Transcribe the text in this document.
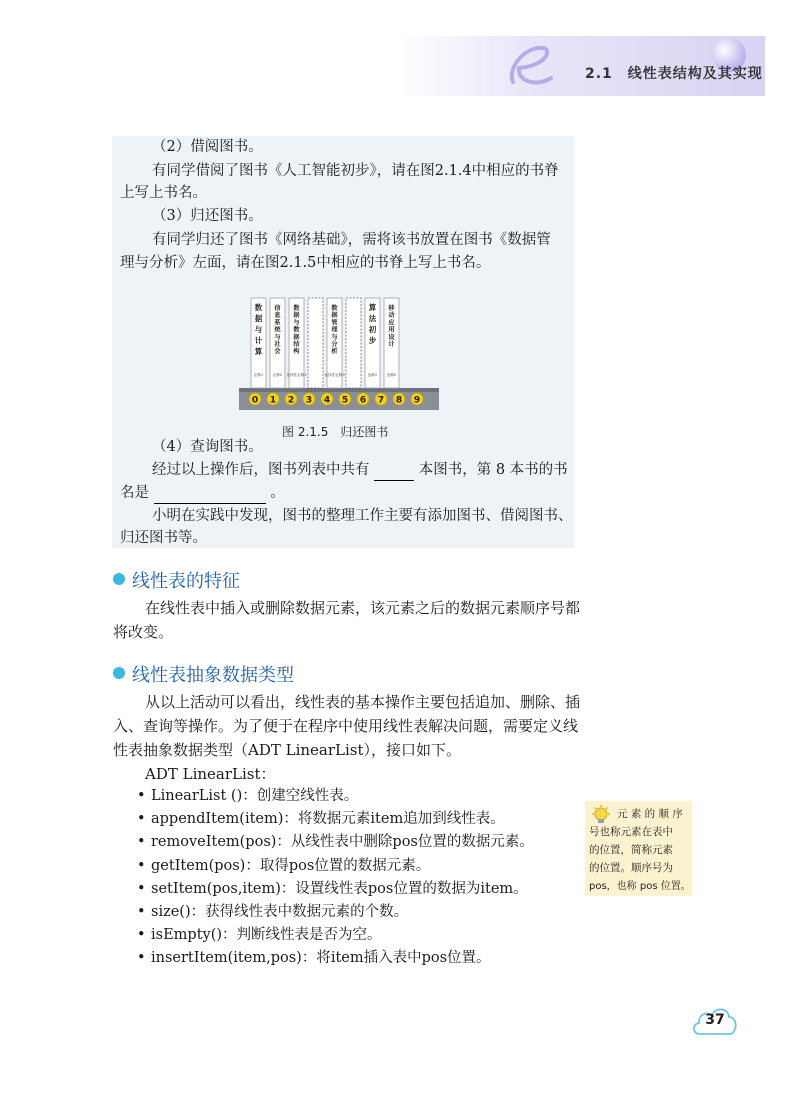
2.1　线性表结构及其实现
（2）借阅图书。
有同学借阅了图书《人工智能初步》，请在图2.1.4中相应的书脊
上写上书名。
（3）归还图书。
有同学归还了图书《网络基础》，需将该书放置在图书《数据管
理与分析》左面，请在图2.1.5中相应的书脊上写上书名。
数
据
与
计
算
必修1
信
息
系
统
与
社
会
必修2
数
据
与
数
据
结
构
选择性必修1
数
据
管
理
与
分
析
选择性必修3
算
法
初
步
选修1
移
动
应
用
设
计
选修2
0 1 2 3 4 5 6 7 8 9
图 2.1.5　归还图书
（4）查询图书。
经过以上操作后，图书列表中共有	本图书，第 8 本书的书
名是	。
小明在实践中发现，图书的整理工作主要有添加图书、借阅图书、
归还图书等。
线性表的特征
在线性表中插入或删除数据元素，该元素之后的数据元素顺序号都
将改变。
线性表抽象数据类型
从以上活动可以看出，线性表的基本操作主要包括追加、删除、插
入、查询等操作。为了便于在程序中使用线性表解决问题，需要定义线
性表抽象数据类型（ADT LinearList），接口如下。
ADT LinearList：
• LinearList ()：创建空线性表。
• appendItem(item)：将数据元素item追加到线性表。
• removeItem(pos)：从线性表中删除pos位置的数据元素。
• getItem(pos)：取得pos位置的数据元素。
• setItem(pos,item)：设置线性表pos位置的数据为item。
• size()：获得线性表中数据元素的个数。
• isEmpty()：判断线性表是否为空。
• insertItem(item,pos)：将item插入表中pos位置。
元 素 的 顺 序
号也称元素在表中
的位置，简称元素
的位置。顺序号为
pos，也称 pos 位置。
37
